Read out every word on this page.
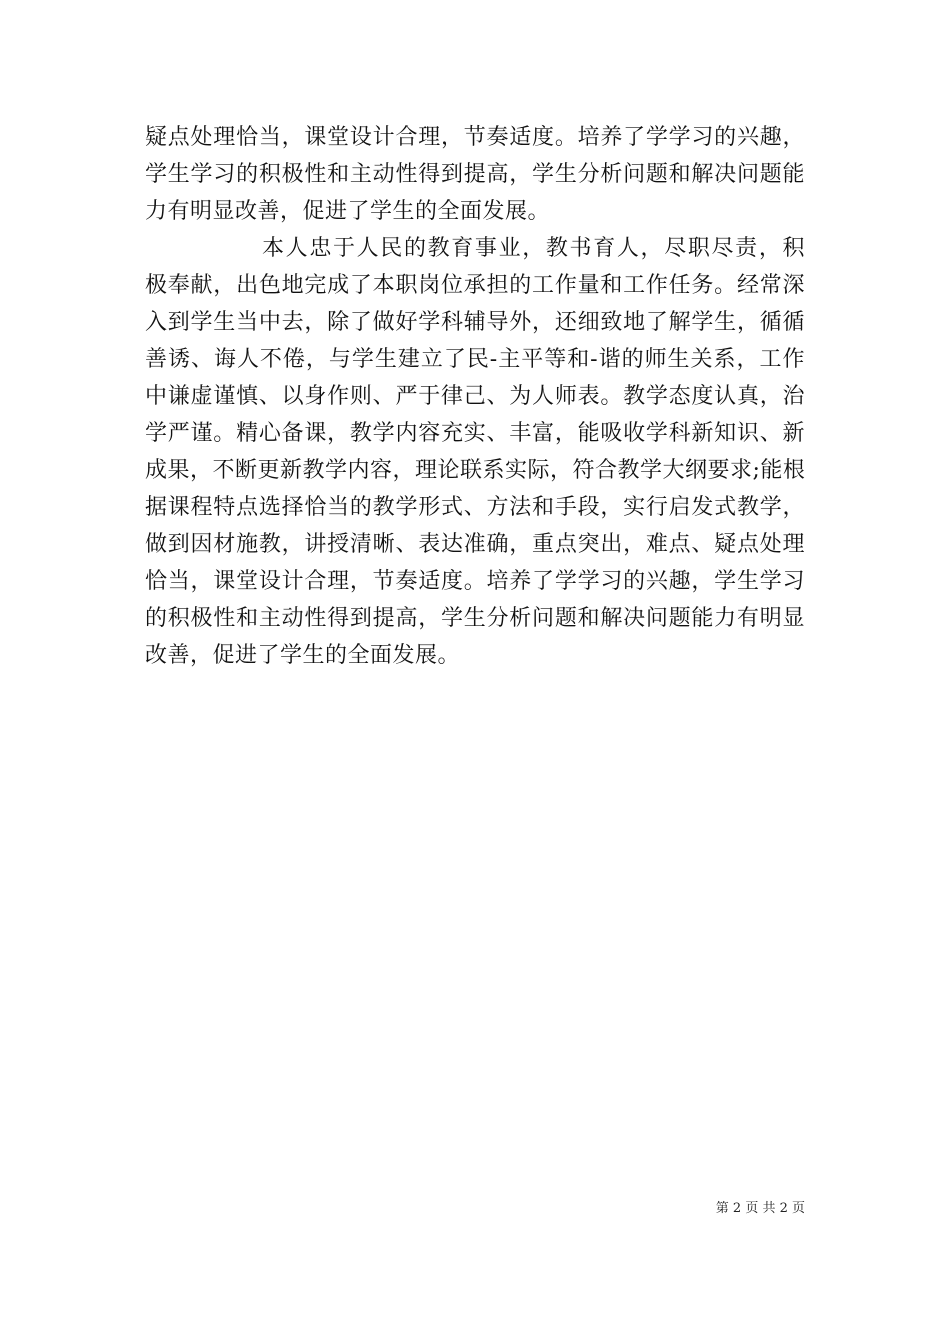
疑点处理恰当，课堂设计合理，节奏适度。培养了学学习的兴趣，
学生学习的积极性和主动性得到提高，学生分析问题和解决问题能
力有明显改善，促进了学生的全面发展。
本人忠于人民的教育事业，教书育人，尽职尽责，积
极奉献，出色地完成了本职岗位承担的工作量和工作任务。经常深
入到学生当中去，除了做好学科辅导外，还细致地了解学生，循循
善诱、诲人不倦，与学生建立了民-主平等和-谐的师生关系，工作
中谦虚谨慎、以身作则、严于律己、为人师表。教学态度认真，治
学严谨。精心备课，教学内容充实、丰富，能吸收学科新知识、新
成果，不断更新教学内容，理论联系实际，符合教学大纲要求;能根
据课程特点选择恰当的教学形式、方法和手段，实行启发式教学，
做到因材施教，讲授清晰、表达准确，重点突出，难点、疑点处理
恰当，课堂设计合理，节奏适度。培养了学学习的兴趣，学生学习
的积极性和主动性得到提高，学生分析问题和解决问题能力有明显
改善，促进了学生的全面发展。
第 2 页 共 2 页
